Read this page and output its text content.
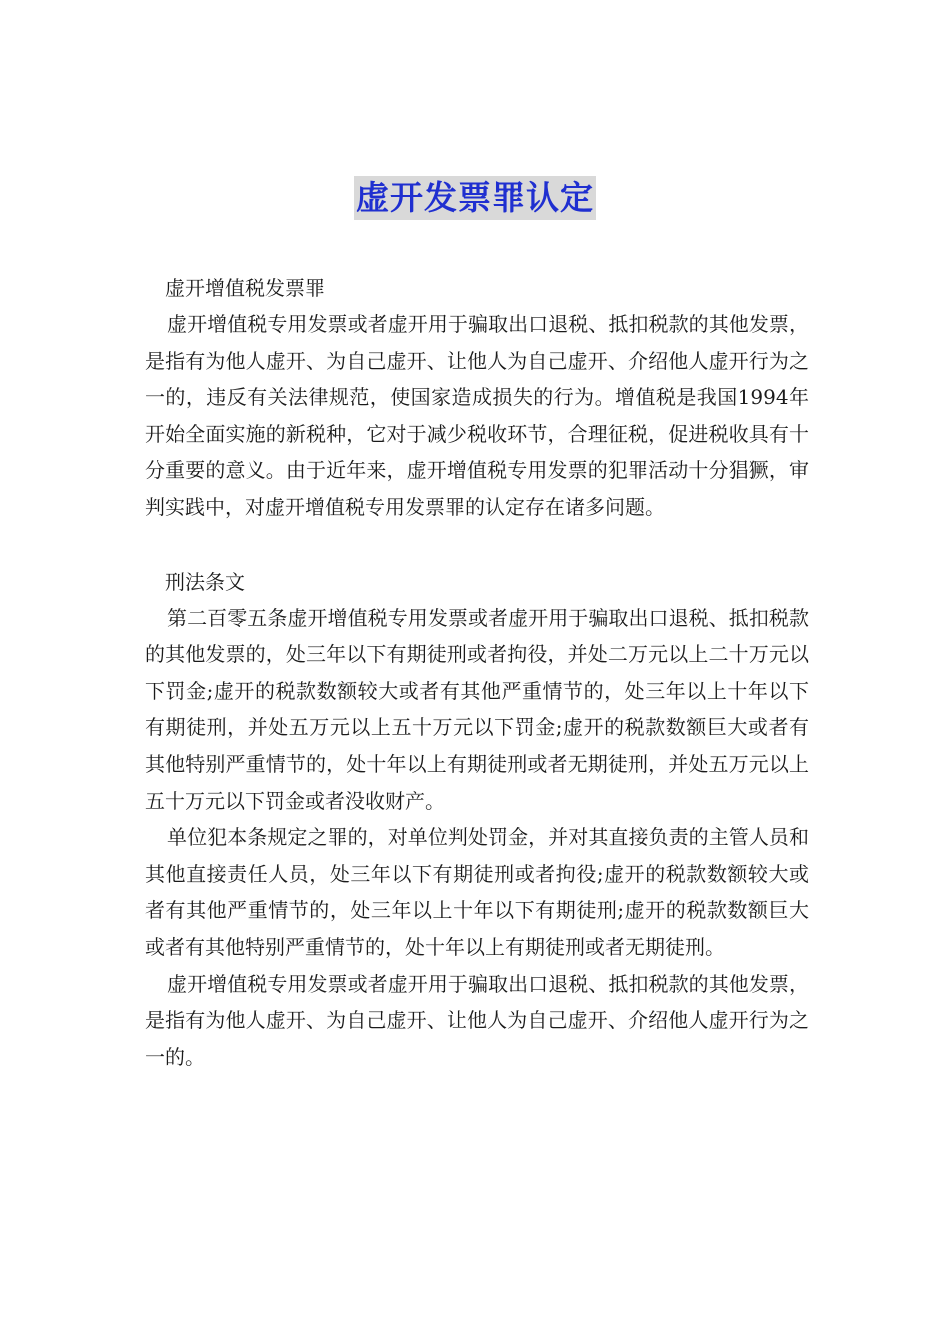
虚开发票罪认定

虚开增值税发票罪

虚开增值税专用发票或者虚开用于骗取出口退税、抵扣税款的其他发票，是指有为他人虚开、为自己虚开、让他人为自己虚开、介绍他人虚开行为之一的，违反有关法律规范，使国家造成损失的行为。增值税是我国1994年开始全面实施的新税种，它对于减少税收环节，合理征税，促进税收具有十分重要的意义。由于近年来，虚开增值税专用发票的犯罪活动十分猖獗，审判实践中，对虚开增值税专用发票罪的认定存在诸多问题。

刑法条文

第二百零五条虚开增值税专用发票或者虚开用于骗取出口退税、抵扣税款的其他发票的，处三年以下有期徒刑或者拘役，并处二万元以上二十万元以下罚金;虚开的税款数额较大或者有其他严重情节的，处三年以上十年以下有期徒刑，并处五万元以上五十万元以下罚金;虚开的税款数额巨大或者有其他特别严重情节的，处十年以上有期徒刑或者无期徒刑，并处五万元以上五十万元以下罚金或者没收财产。

单位犯本条规定之罪的，对单位判处罚金，并对其直接负责的主管人员和其他直接责任人员，处三年以下有期徒刑或者拘役;虚开的税款数额较大或者有其他严重情节的，处三年以上十年以下有期徒刑;虚开的税款数额巨大或者有其他特别严重情节的，处十年以上有期徒刑或者无期徒刑。

虚开增值税专用发票或者虚开用于骗取出口退税、抵扣税款的其他发票，是指有为他人虚开、为自己虚开、让他人为自己虚开、介绍他人虚开行为之一的。
